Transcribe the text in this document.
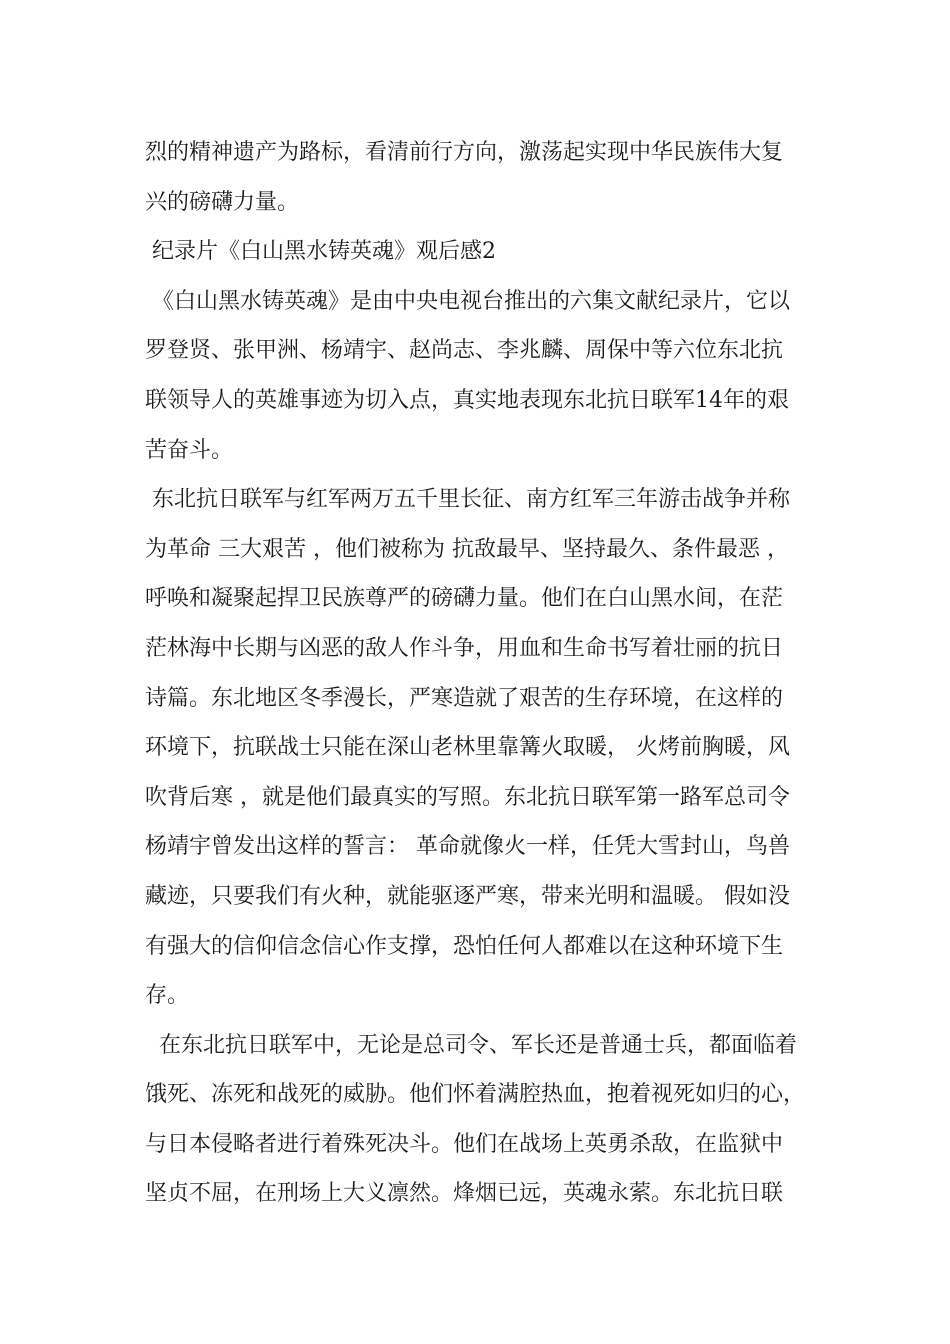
烈的精神遗产为路标，看清前行方向，激荡起实现中华民族伟大复
兴的磅礴力量。
纪录片《白山黑水铸英魂》观后感2
《白山黑水铸英魂》是由中央电视台推出的六集文献纪录片，它以
罗登贤、张甲洲、杨靖宇、赵尚志、李兆麟、周保中等六位东北抗
联领导人的英雄事迹为切入点，真实地表现东北抗日联军14年的艰
苦奋斗。
东北抗日联军与红军两万五千里长征、南方红军三年游击战争并称
为革命 三大艰苦 ，他们被称为 抗敌最早、坚持最久、条件最恶 ，
呼唤和凝聚起捍卫民族尊严的磅礴力量。他们在白山黑水间，在茫
茫林海中长期与凶恶的敌人作斗争，用血和生命书写着壮丽的抗日
诗篇。东北地区冬季漫长，严寒造就了艰苦的生存环境，在这样的
环境下，抗联战士只能在深山老林里靠篝火取暖， 火烤前胸暖，风
吹背后寒 ，就是他们最真实的写照。东北抗日联军第一路军总司令
杨靖宇曾发出这样的誓言： 革命就像火一样，任凭大雪封山，鸟兽
藏迹，只要我们有火种，就能驱逐严寒，带来光明和温暖。 假如没
有强大的信仰信念信心作支撑，恐怕任何人都难以在这种环境下生
存。
在东北抗日联军中，无论是总司令、军长还是普通士兵，都面临着
饿死、冻死和战死的威胁。他们怀着满腔热血，抱着视死如归的心，
与日本侵略者进行着殊死决斗。他们在战场上英勇杀敌，在监狱中
坚贞不屈，在刑场上大义凛然。烽烟已远，英魂永萦。东北抗日联
